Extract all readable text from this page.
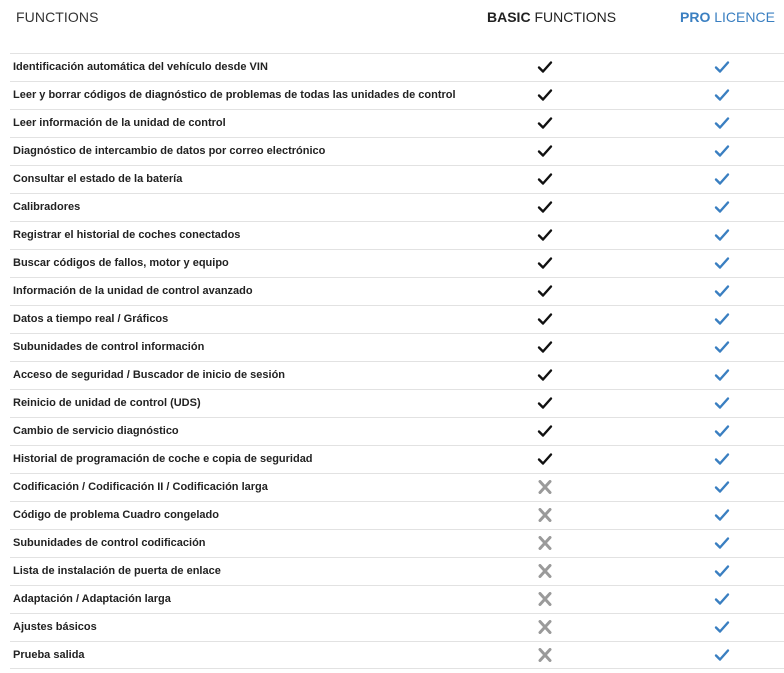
FUNCTIONS	BASIC FUNCTIONS	PRO LICENCE
Identificación automática del vehículo desde VIN
Leer y borrar códigos de diagnóstico de problemas de todas las unidades de control
Leer información de la unidad de control
Diagnóstico de intercambio de datos por correo electrónico
Consultar el estado de la batería
Calibradores
Registrar el historial de coches conectados
Buscar códigos de fallos, motor y equipo
Información de la unidad de control avanzado
Datos a tiempo real / Gráficos
Subunidades de control información
Acceso de seguridad / Buscador de inicio de sesión
Reinicio de unidad de control (UDS)
Cambio de servicio diagnóstico
Historial de programación de coche e copia de seguridad
Codificación / Codificación II / Codificación larga
Código de problema Cuadro congelado
Subunidades de control codificación
Lista de instalación de puerta de enlace
Adaptación / Adaptación larga
Ajustes básicos
Prueba salida
